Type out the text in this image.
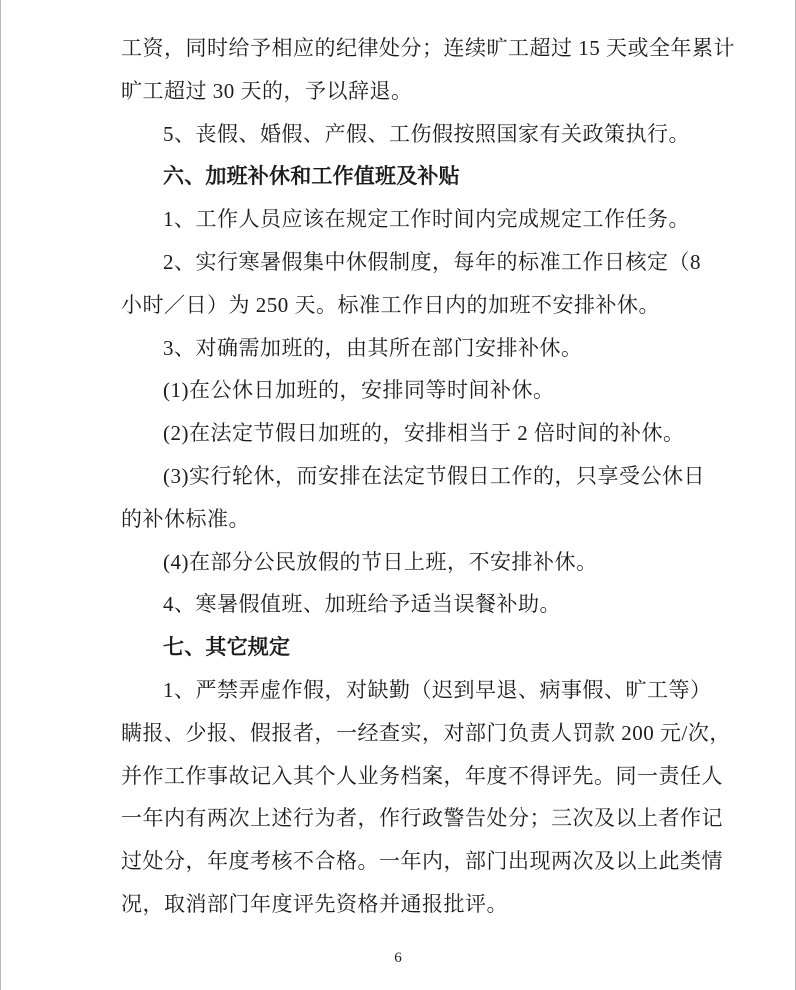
工资，同时给予相应的纪律处分；连续旷工超过 15 天或全年累计
旷工超过 30 天的，予以辞退。
5、丧假、婚假、产假、工伤假按照国家有关政策执行。
六、加班补休和工作值班及补贴
1、工作人员应该在规定工作时间内完成规定工作任务。
2、实行寒暑假集中休假制度，每年的标准工作日核定（8
小时／日）为 250 天。标准工作日内的加班不安排补休。
3、对确需加班的，由其所在部门安排补休。
(1)在公休日加班的，安排同等时间补休。
(2)在法定节假日加班的，安排相当于 2 倍时间的补休。
(3)实行轮休，而安排在法定节假日工作的，只享受公休日
的补休标准。
(4)在部分公民放假的节日上班，不安排补休。
4、寒暑假值班、加班给予适当误餐补助。
七、其它规定
1、严禁弄虚作假，对缺勤（迟到早退、病事假、旷工等）
瞒报、少报、假报者，一经查实，对部门负责人罚款 200 元/次，
并作工作事故记入其个人业务档案，年度不得评先。同一责任人
一年内有两次上述行为者，作行政警告处分；三次及以上者作记
过处分，年度考核不合格。一年内，部门出现两次及以上此类情
况，取消部门年度评先资格并通报批评。
6
